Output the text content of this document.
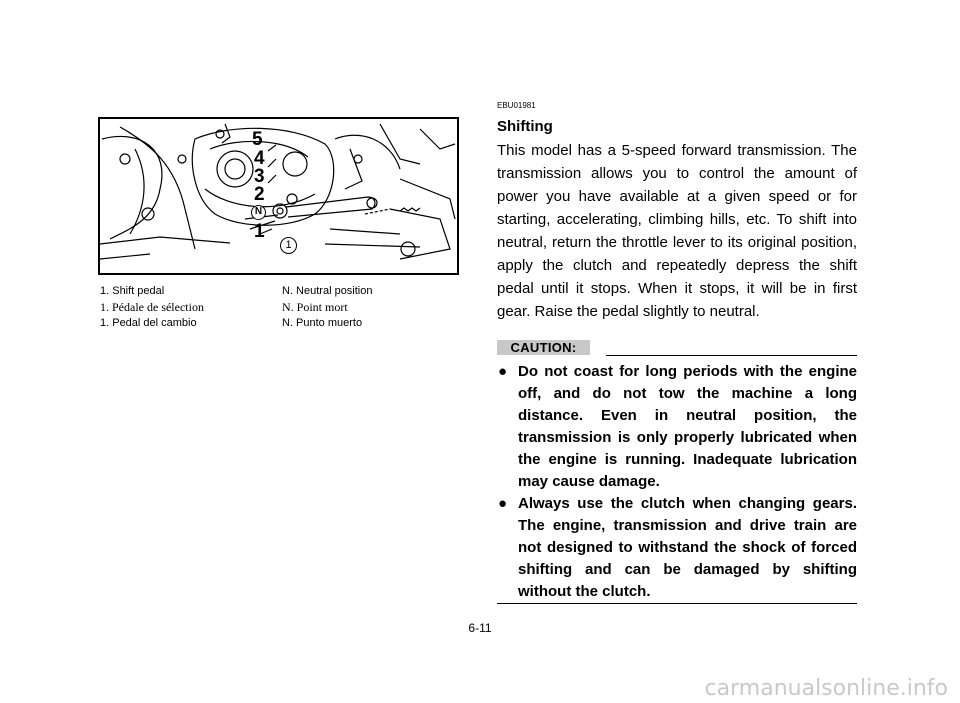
5
4
3
2
N
1
1
1. Shift pedal	N. Neutral position
1. Pédale de sélection	N. Point mort
1. Pedal del cambio	N. Punto muerto
EBU01981
Shifting
This model has a 5-speed forward transmission. The transmission allows you to control the amount of power you have available at a given speed or for starting, accelerating, climbing hills, etc. To shift into neutral, return the throttle lever to its original position, apply the clutch and repeatedly depress the shift pedal until it stops. When it stops, it will be in first gear. Raise the pedal slightly to neutral.
CAUTION:
● Do not coast for long periods with the engine off, and do not tow the machine a long distance. Even in neutral position, the transmission is only properly lubricated when the engine is running. Inadequate lubrication may cause damage.
● Always use the clutch when changing gears. The engine, transmission and drive train are not designed to withstand the shock of forced shifting and can be damaged by shifting without the clutch.
6-11
carmanualsonline.info
